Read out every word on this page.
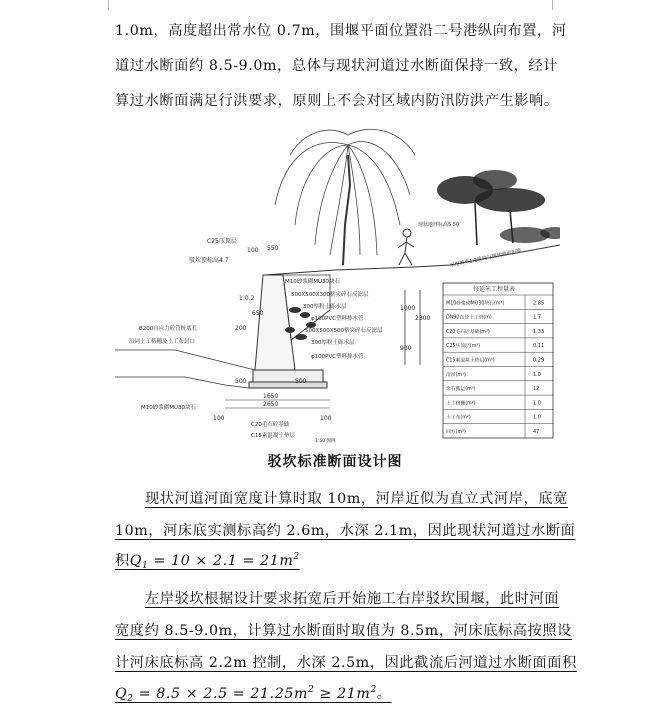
1.0m，高度超出常水位 0.7m，围堰平面位置沿二号港纵向布置，河
道过水断面约 8.5-9.0m，总体与现状河道过水断面保持一致，经计
算过水断面满足行洪要求，原则上不会对区域内防汛防洪产生影响。
1000
2300
900
1650
2650
500	500
100	100
550
100
650
200
1:0.2
C25压顶层
驳坎顶标高4.7
M10砂浆砌MU30块石
500X500X300格宾碎石反滤层
300厚粉土砾水层
φ100PVC塑料排水管
500X500X500格宾碎石反滤层
300厚粉土砾水层
φ100PVC塑料排水管
B200自应力砼管桩底孔
沿同土工格栅及土工布封口
M10砂浆砌MU30块石
C20毛石砼基础
C15素混凝土垫层
1:50 图例
现状地坪标高5.50
采用坡率1:2放坡与现状地形衔接
每延米工程量表
M10砂浆砌MU30块石(m³)	2.85
DN90直径土工管(m)	1.7
C20毛石砼基础(m³)	1.33
C25压顶层(m³)	0.11
C15素混凝土垫层(m³)	0.29
清淤(m³)	1.0
余石搬运(m³)	12
土工格栅(m²)	1.0
土工布(m²)	1.0
回方(m³)	47
驳坎标准断面设计图
现状河道河面宽度计算时取 10m，河岸近似为直立式河岸，底宽
10m，河床底实测标高约 2.6m，水深 2.1m，因此现状河道过水断面
积$Q_1 = 10 \times 2.1 = 21m^2$
左岸驳坎根据设计要求拓宽后开始施工右岸驳坎围堰，此时河面
宽度约 8.5-9.0m，计算过水断面时取值为 8.5m，河床底标高按照设
计河床底标高 2.2m 控制，水深 2.5m，因此截流后河道过水断面面积
$Q_2 = 8.5 \times 2.5 = 21.25m^2 \ge 21m^2$。
